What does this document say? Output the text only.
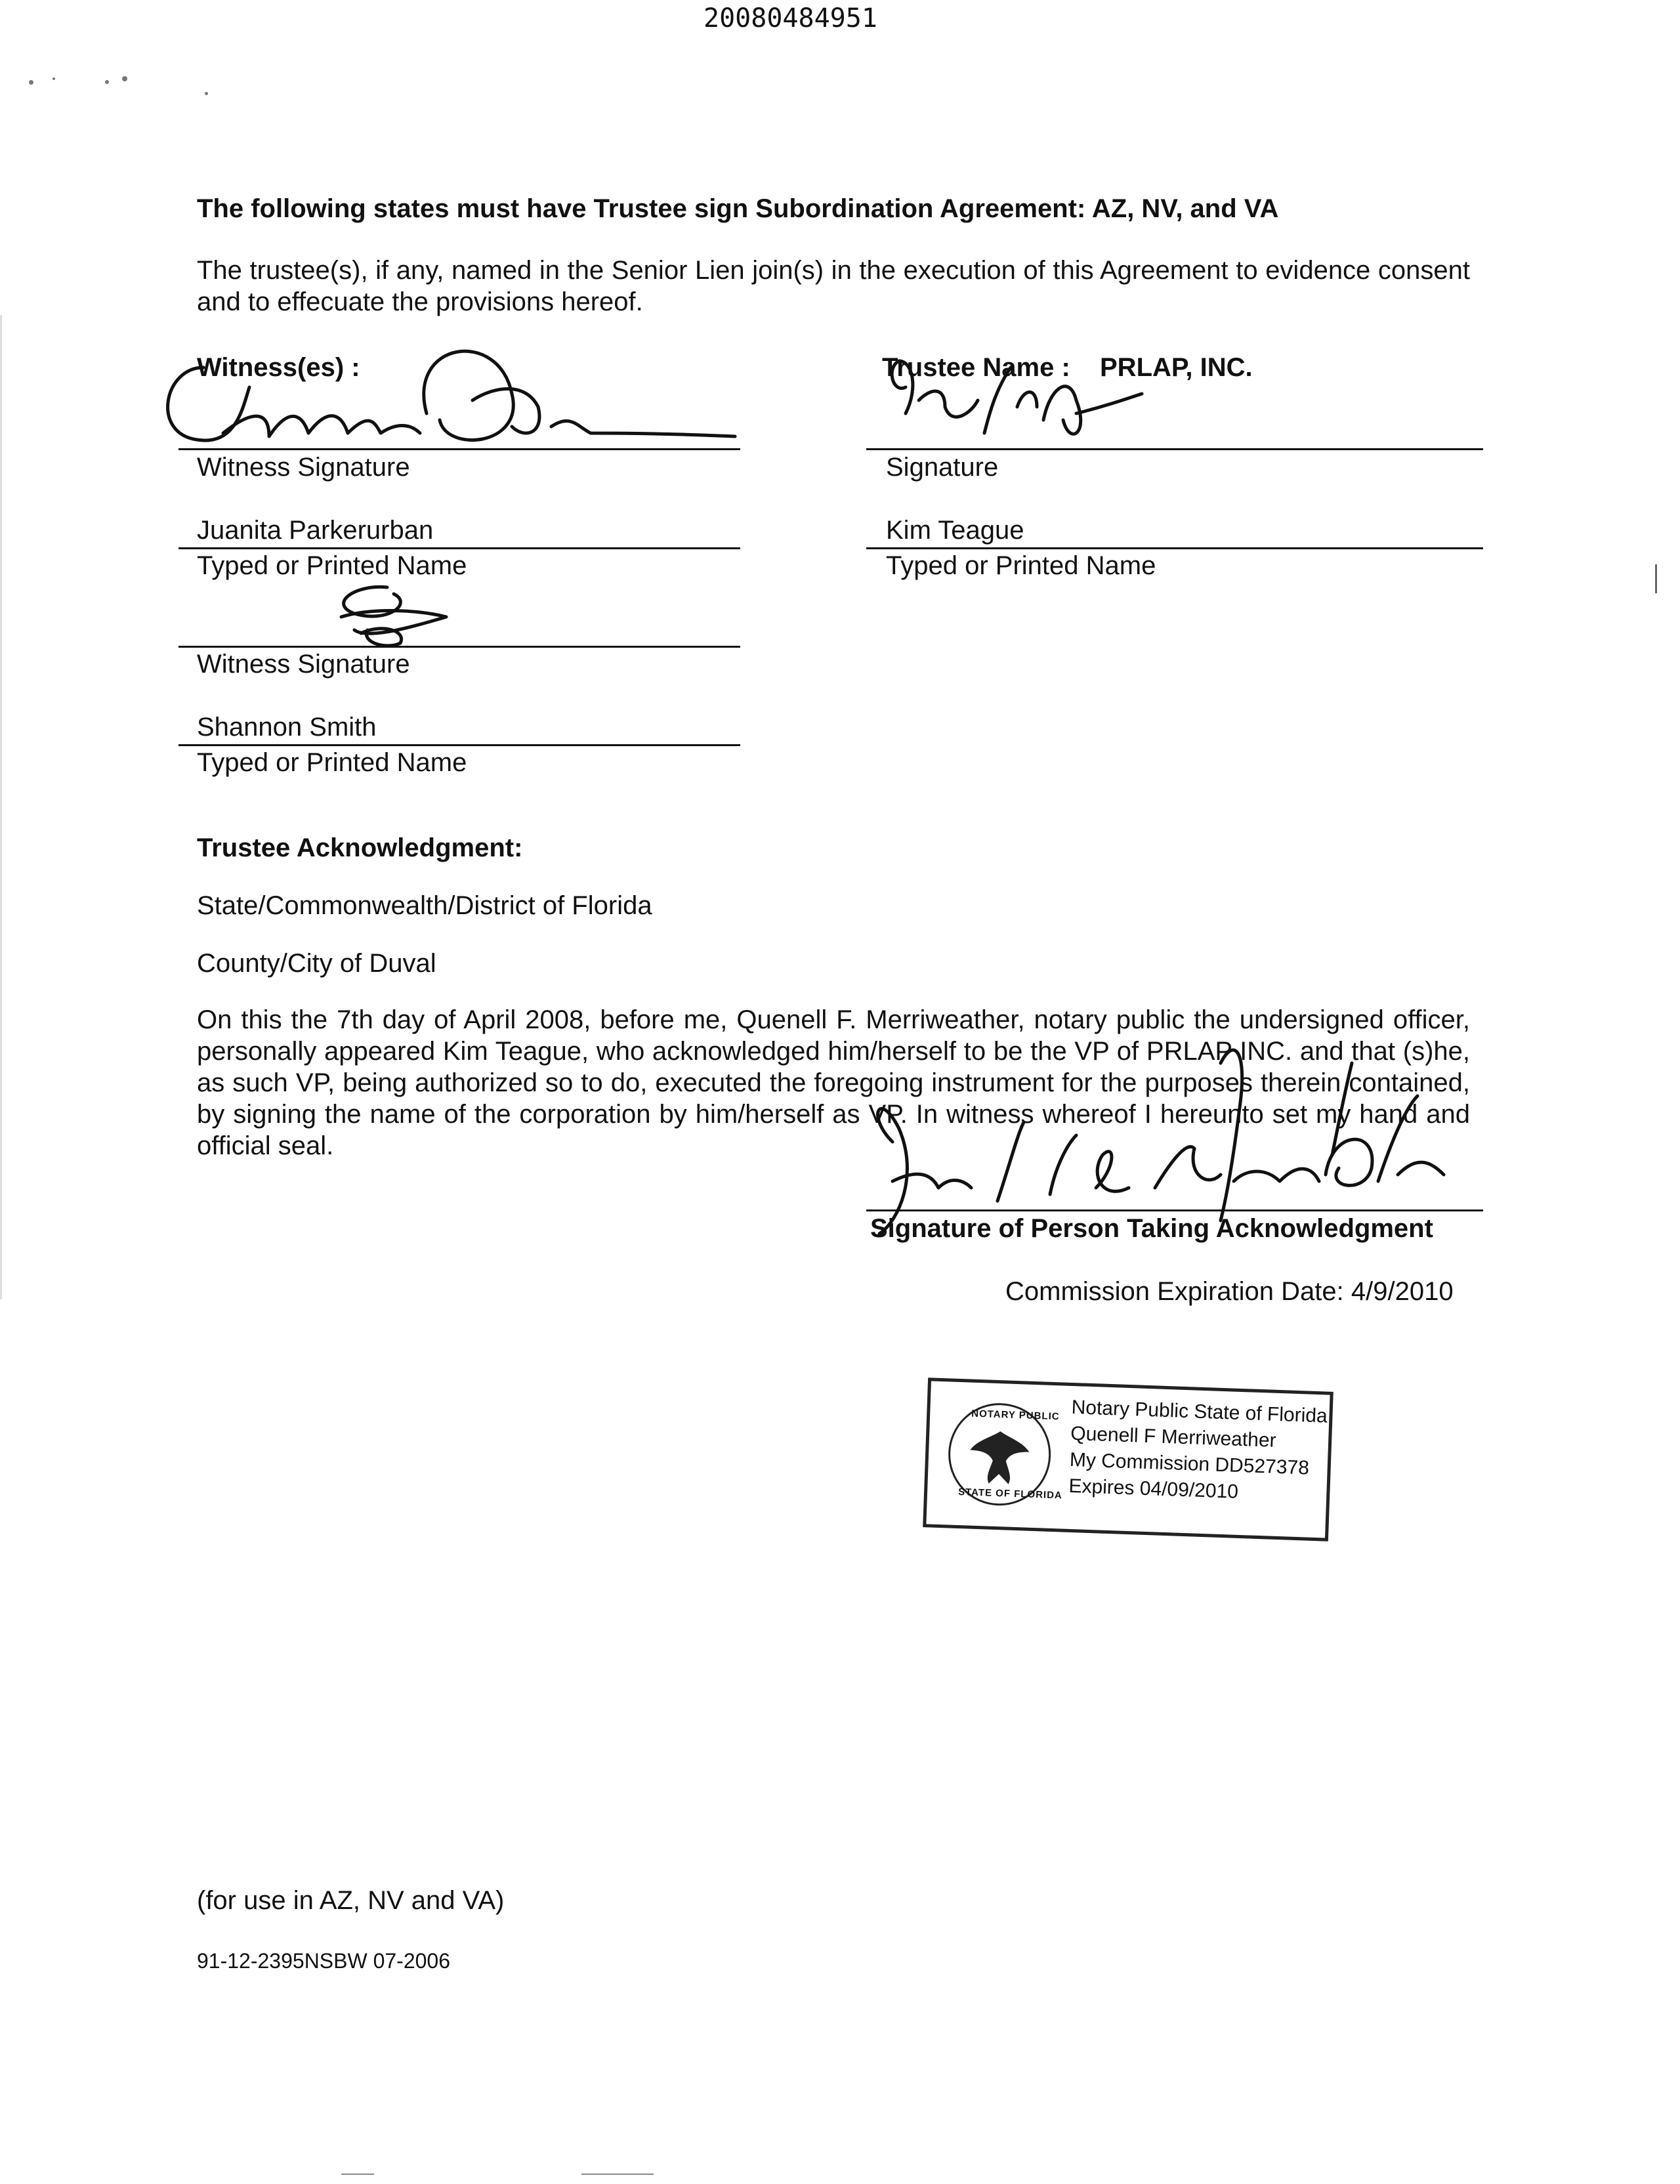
20080484951
The following states must have Trustee sign Subordination Agreement: AZ, NV, and VA
The trustee(s), if any, named in the Senior Lien join(s) in the execution of this Agreement to evidence consent and to effecuate the provisions hereof.
Witness(es) :
Witness Signature
Juanita Parkerurban
Typed or Printed Name
Witness Signature
Shannon Smith
Typed or Printed Name
Trustee Name : PRLAP, INC.
Signature
Kim Teague
Typed or Printed Name
Trustee Acknowledgment:
State/Commonwealth/District of Florida
County/City of Duval
On this the 7th day of April 2008, before me, Quenell F. Merriweather, notary public the undersigned officer, personally appeared Kim Teague, who acknowledged him/herself to be the VP of PRLAP INC. and that (s)he, as such VP, being authorized so to do, executed the foregoing instrument for the purposes therein contained, by signing the name of the corporation by him/herself as VP. In witness whereof I hereunto set my hand and official seal.
Signature of Person Taking Acknowledgment
Commission Expiration Date: 4/9/2010
NOTARY PUBLIC
STATE OF FLORIDA
Notary Public State of Florida
Quenell F Merriweather
My Commission DD527378
Expires 04/09/2010
(for use in AZ, NV and VA)
91-12-2395NSBW 07-2006
